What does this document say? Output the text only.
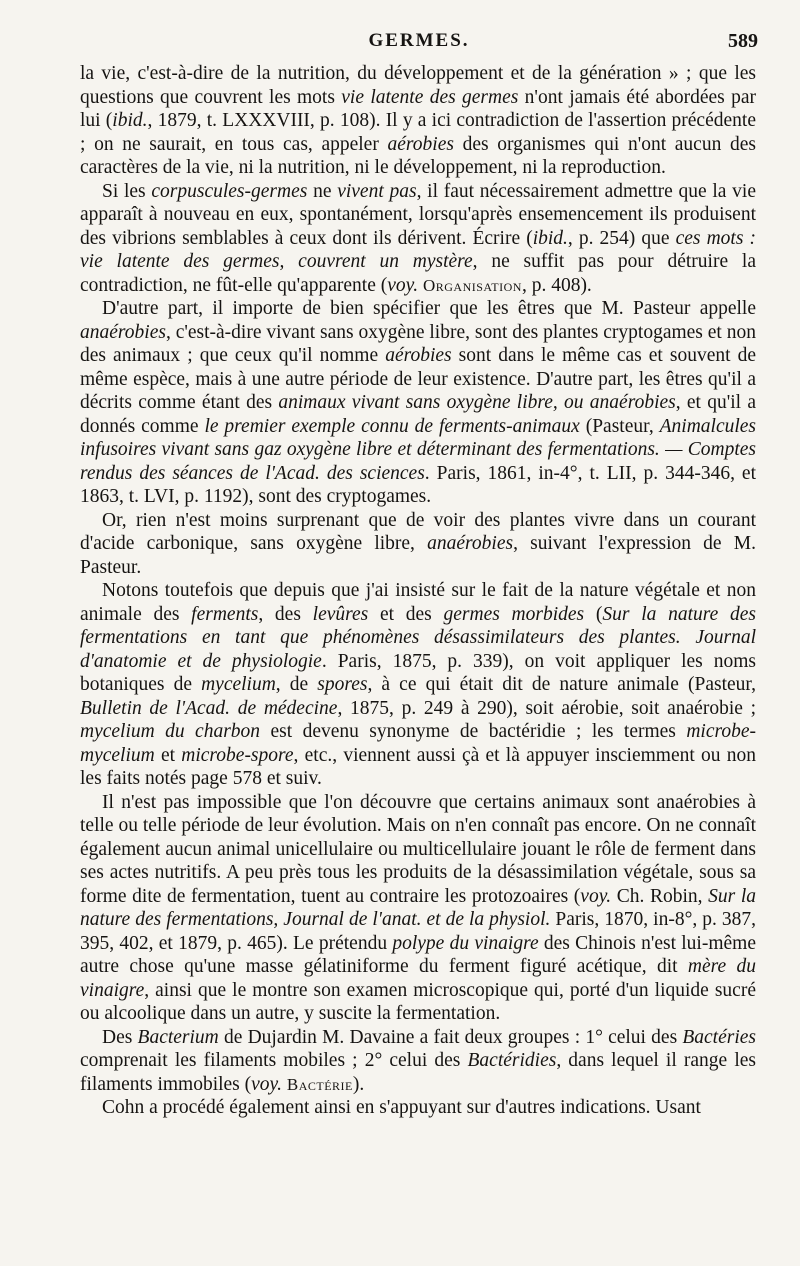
GERMES.	589

la vie, c'est-à-dire de la nutrition, du développement et de la génération » ; que les questions que couvrent les mots vie latente des germes n'ont jamais été abordées par lui (ibid., 1879, t. LXXXVIII, p. 108). Il y a ici contradiction de l'assertion précédente ; on ne saurait, en tous cas, appeler aérobies des organismes qui n'ont aucun des caractères de la vie, ni la nutrition, ni le développement, ni la reproduction.

Si les corpuscules-germes ne vivent pas, il faut nécessairement admettre que la vie apparaît à nouveau en eux, spontanément, lorsqu'après ensemencement ils produisent des vibrions semblables à ceux dont ils dérivent. Écrire (ibid., p. 254) que ces mots : vie latente des germes, couvrent un mystère, ne suffit pas pour détruire la contradiction, ne fût-elle qu'apparente (voy. Organisation, p. 408).

D'autre part, il importe de bien spécifier que les êtres que M. Pasteur appelle anaérobies, c'est-à-dire vivant sans oxygène libre, sont des plantes cryptogames et non des animaux ; que ceux qu'il nomme aérobies sont dans le même cas et souvent de même espèce, mais à une autre période de leur existence. D'autre part, les êtres qu'il a décrits comme étant des animaux vivant sans oxygène libre, ou anaérobies, et qu'il a donnés comme le premier exemple connu de ferments-animaux (Pasteur, Animalcules infusoires vivant sans gaz oxygène libre et déterminant des fermentations. — Comptes rendus des séances de l'Acad. des sciences. Paris, 1861, in-4°, t. LII, p. 344-346, et 1863, t. LVI, p. 1192), sont des cryptogames.

Or, rien n'est moins surprenant que de voir des plantes vivre dans un courant d'acide carbonique, sans oxygène libre, anaérobies, suivant l'expression de M. Pasteur.

Notons toutefois que depuis que j'ai insisté sur le fait de la nature végétale et non animale des ferments, des levûres et des germes morbides (Sur la nature des fermentations en tant que phénomènes désassimilateurs des plantes. Journal d'anatomie et de physiologie. Paris, 1875, p. 339), on voit appliquer les noms botaniques de mycelium, de spores, à ce qui était dit de nature animale (Pasteur, Bulletin de l'Acad. de médecine, 1875, p. 249 à 290), soit aérobie, soit anaérobie ; mycelium du charbon est devenu synonyme de bactéridie ; les termes microbe-mycelium et microbe-spore, etc., viennent aussi çà et là appuyer insciemment ou non les faits notés page 578 et suiv.

Il n'est pas impossible que l'on découvre que certains animaux sont anaérobies à telle ou telle période de leur évolution. Mais on n'en connaît pas encore. On ne connaît également aucun animal unicellulaire ou multicellulaire jouant le rôle de ferment dans ses actes nutritifs. A peu près tous les produits de la désassimilation végétale, sous sa forme dite de fermentation, tuent au contraire les protozoaires (voy. Ch. Robin, Sur la nature des fermentations, Journal de l'anat. et de la physiol. Paris, 1870, in-8°, p. 387, 395, 402, et 1879, p. 465). Le prétendu polype du vinaigre des Chinois n'est lui-même autre chose qu'une masse gélatiniforme du ferment figuré acétique, dit mère du vinaigre, ainsi que le montre son examen microscopique qui, porté d'un liquide sucré ou alcoolique dans un autre, y suscite la fermentation.

Des Bacterium de Dujardin M. Davaine a fait deux groupes : 1° celui des Bactéries comprenait les filaments mobiles ; 2° celui des Bactéridies, dans lequel il range les filaments immobiles (voy. Bactérie).

Cohn a procédé également ainsi en s'appuyant sur d'autres indications. Usant
